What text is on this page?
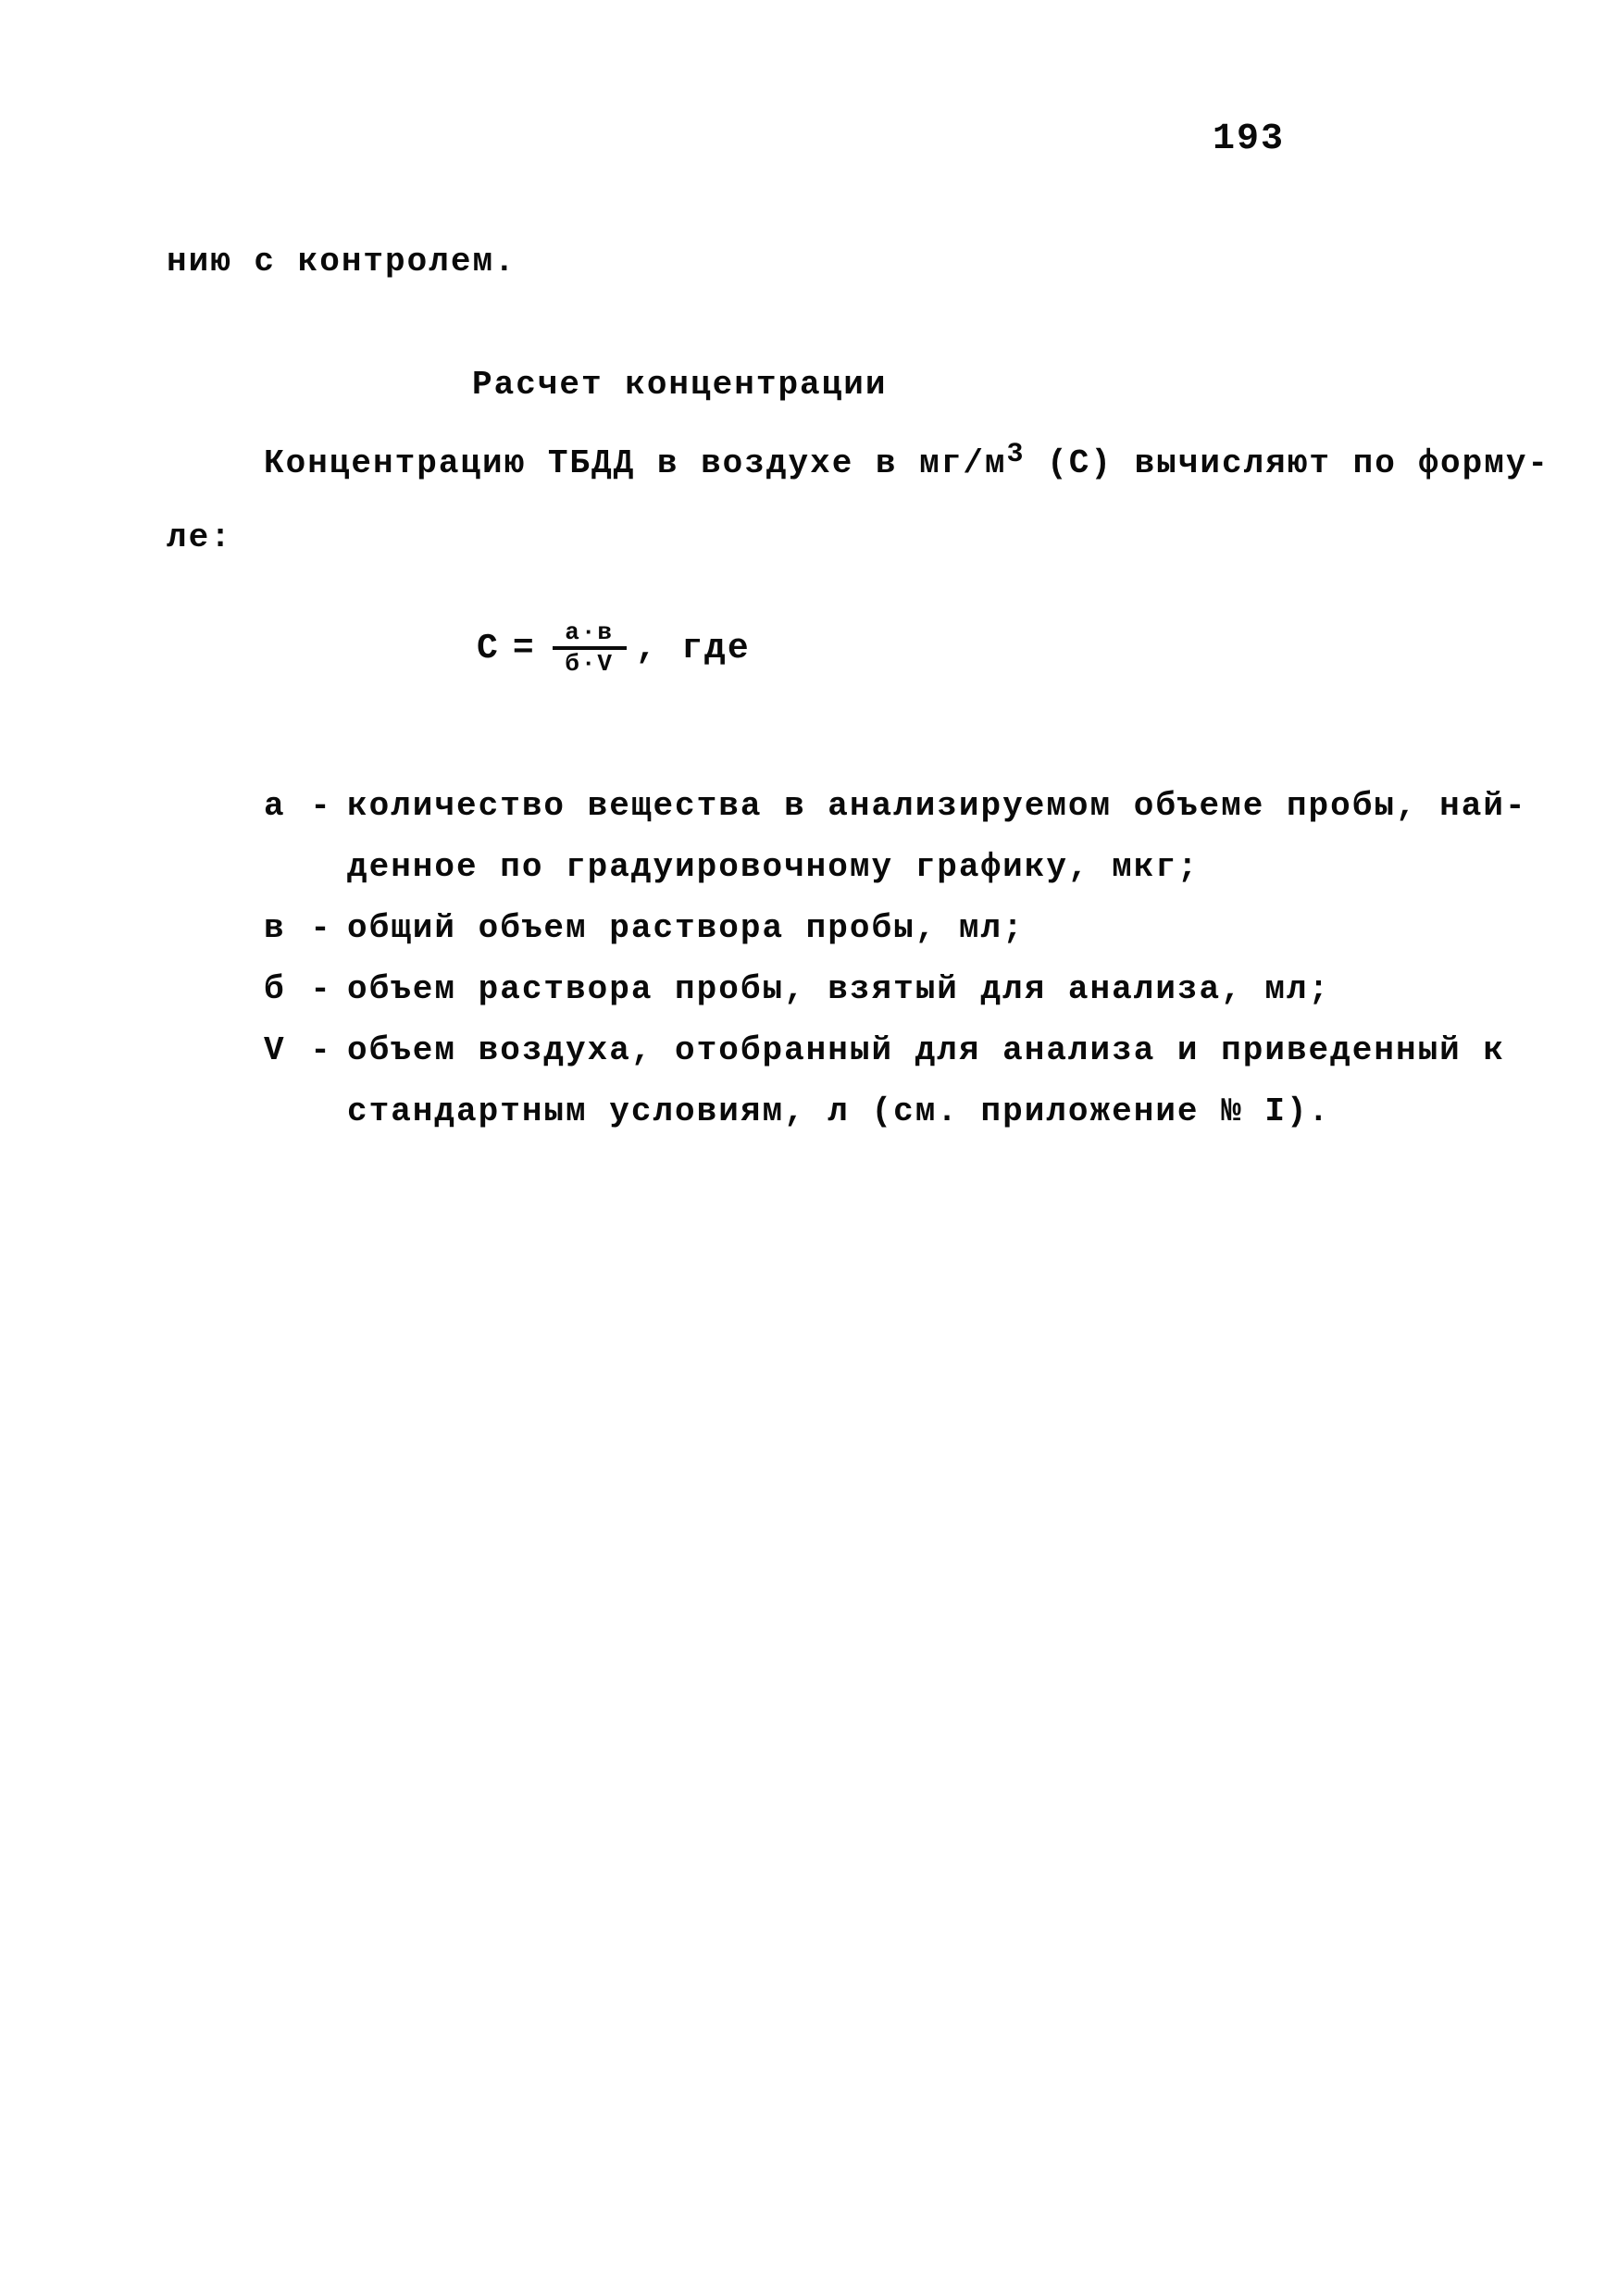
193
нию с контролем.
Расчет концентрации
Концентрацию ТБДД в воздухе в $мг/м^3$ (С) вычисляют по форму-
ле:
$С = \frac{а\cdot в}{б\cdot V}$ , где
а - количество вещества в анализируемом объеме пробы, най-
денное по градуировочному графику, мкг;
в - общий объем раствора пробы, мл;
б - объем раствора пробы, взятый для анализа, мл;
V - объем воздуха, отобранный для анализа и приведенный к
стандартным условиям, л (см. приложение № I).
